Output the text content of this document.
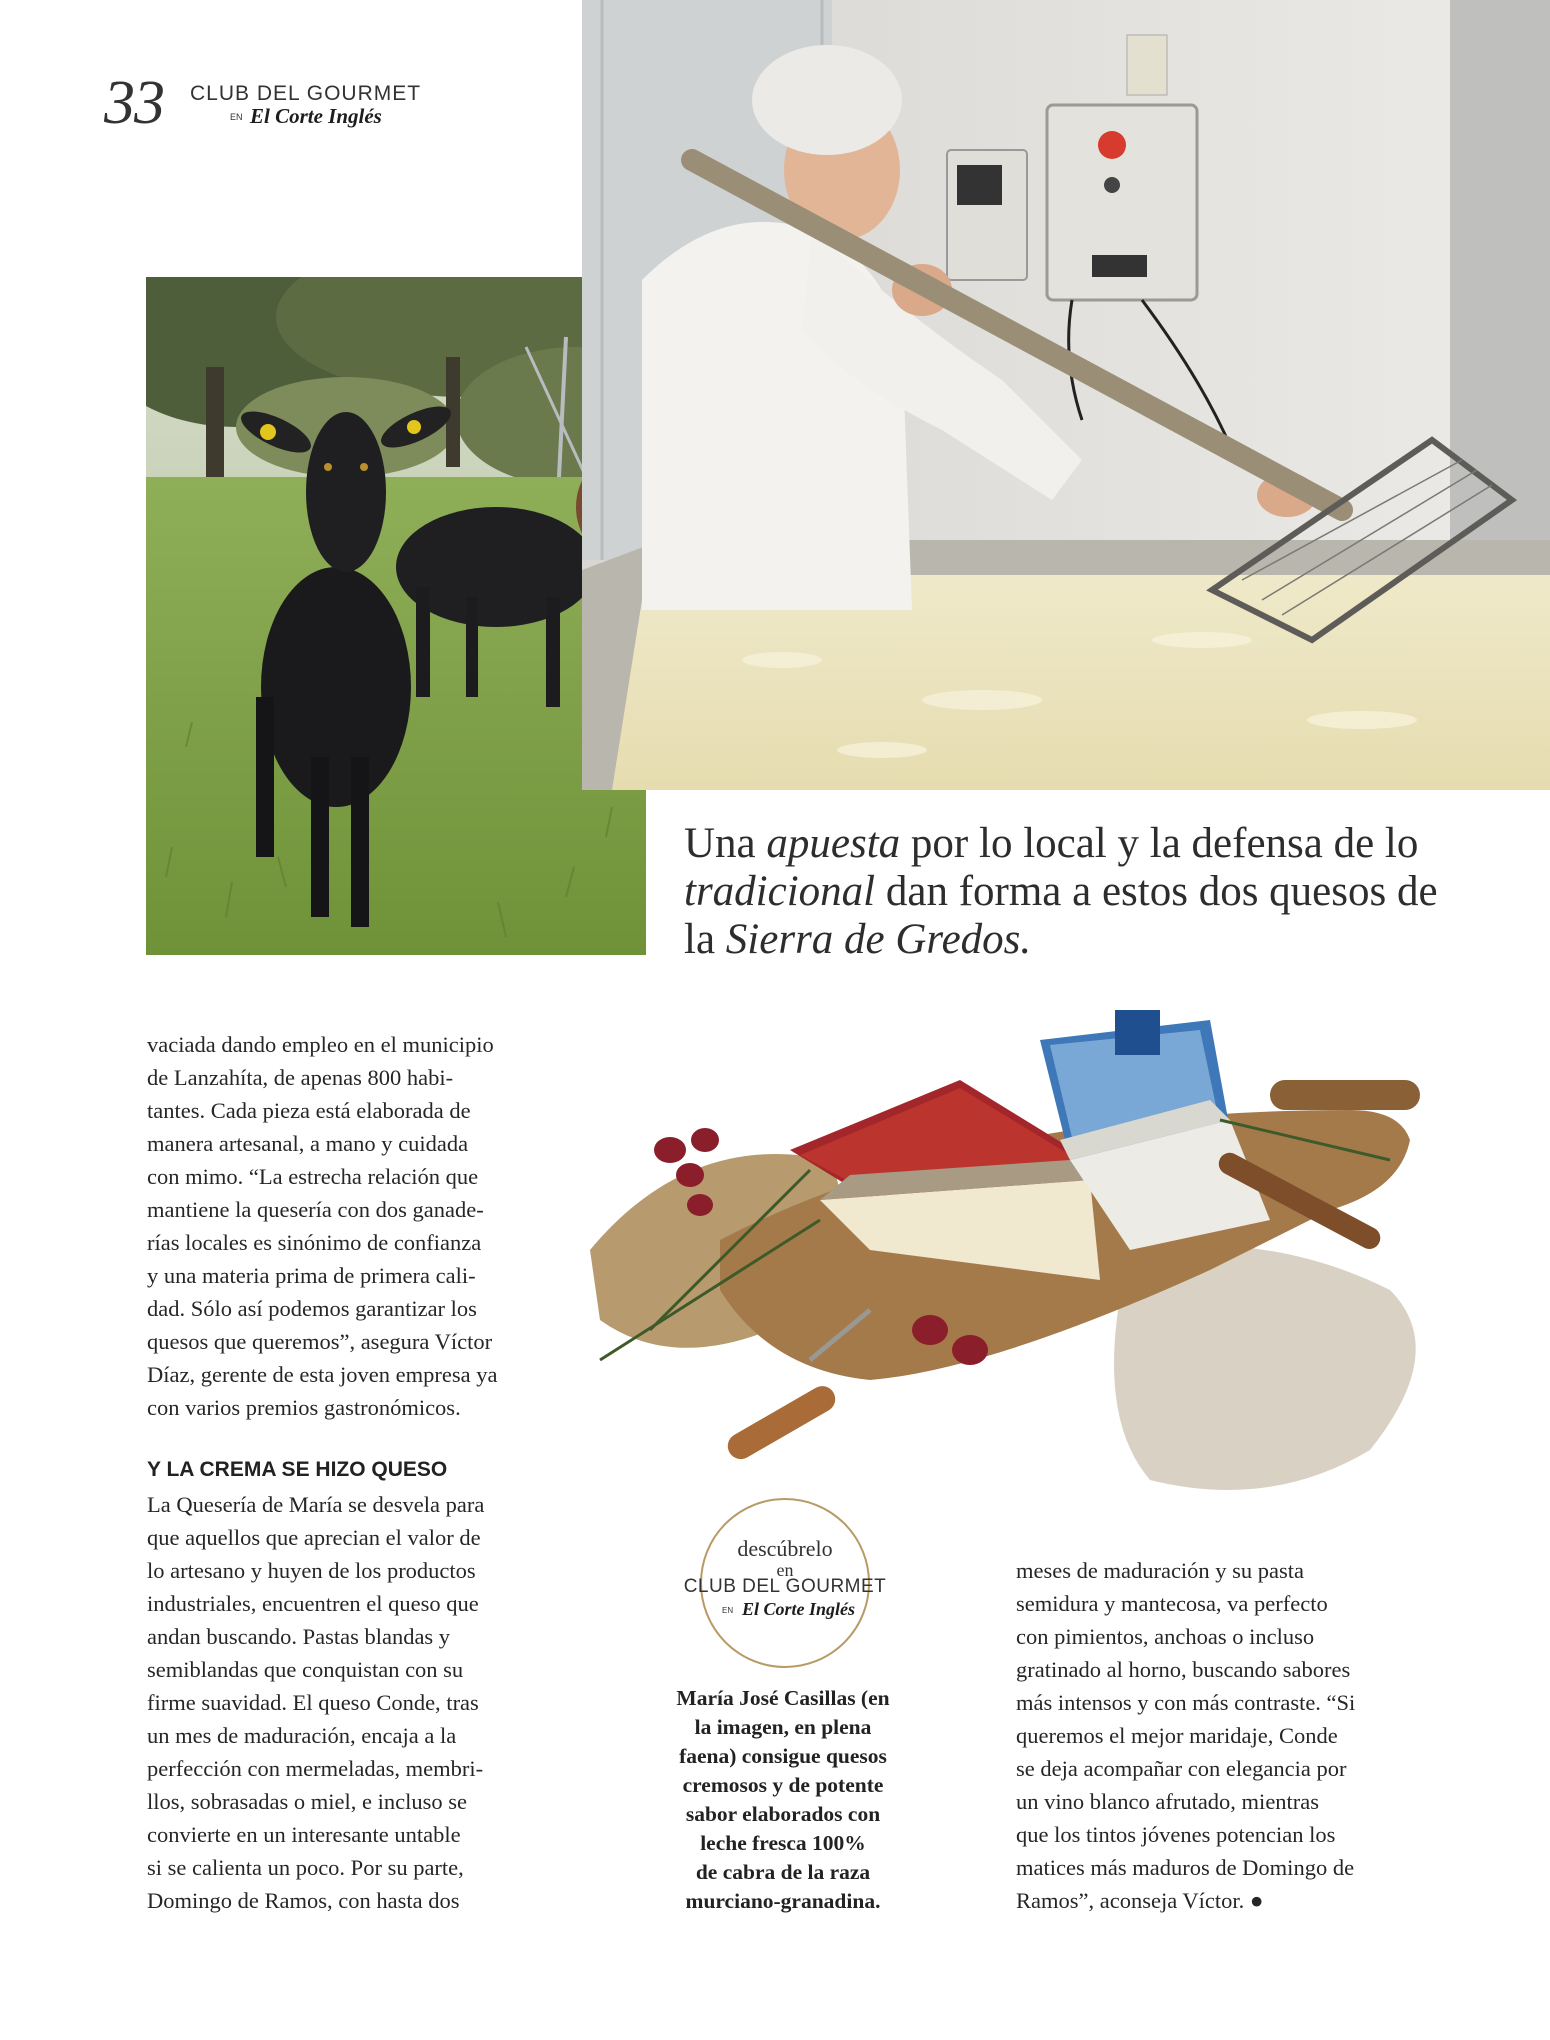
33 CLUB DEL GOURMET
EN El Corte Inglés
Una apuesta por lo local y la defensa de lo tradicional dan forma a estos dos quesos de la Sierra de Gredos.

vaciada dando empleo en el municipio
de Lanzahíta, de apenas 800 habi-
tantes. Cada pieza está elaborada de
manera artesanal, a mano y cuidada
con mimo. “La estrecha relación que
mantiene la quesería con dos ganade-
rías locales es sinónimo de confianza
y una materia prima de primera cali-
dad. Sólo así podemos garantizar los
quesos que queremos”, asegura Víctor
Díaz, gerente de esta joven empresa ya
con varios premios gastronómicos.

Y LA CREMA SE HIZO QUESO

La Quesería de María se desvela para
que aquellos que aprecian el valor de
lo artesano y huyen de los productos
industriales, encuentren el queso que
andan buscando. Pastas blandas y
semiblandas que conquistan con su
firme suavidad. El queso Conde, tras
un mes de maduración, encaja a la
perfección con mermeladas, membri-
llos, sobrasadas o miel, e incluso se
convierte en un interesante untable
si se calienta un poco. Por su parte,
Domingo de Ramos, con hasta dos

descúbrelo
en
CLUB DEL GOURMET
EN El Corte Inglés
María José Casillas (en
la imagen, en plena
faena) consigue quesos
cremosos y de potente
sabor elaborados con
leche fresca 100%
de cabra de la raza
murciano-granadina.

meses de maduración y su pasta
semidura y mantecosa, va perfecto
con pimientos, anchoas o incluso
gratinado al horno, buscando sabores
más intensos y con más contraste. “Si
queremos el mejor maridaje, Conde
se deja acompañar con elegancia por
un vino blanco afrutado, mientras
que los tintos jóvenes potencian los
matices más maduros de Domingo de
Ramos”, aconseja Víctor. ●
